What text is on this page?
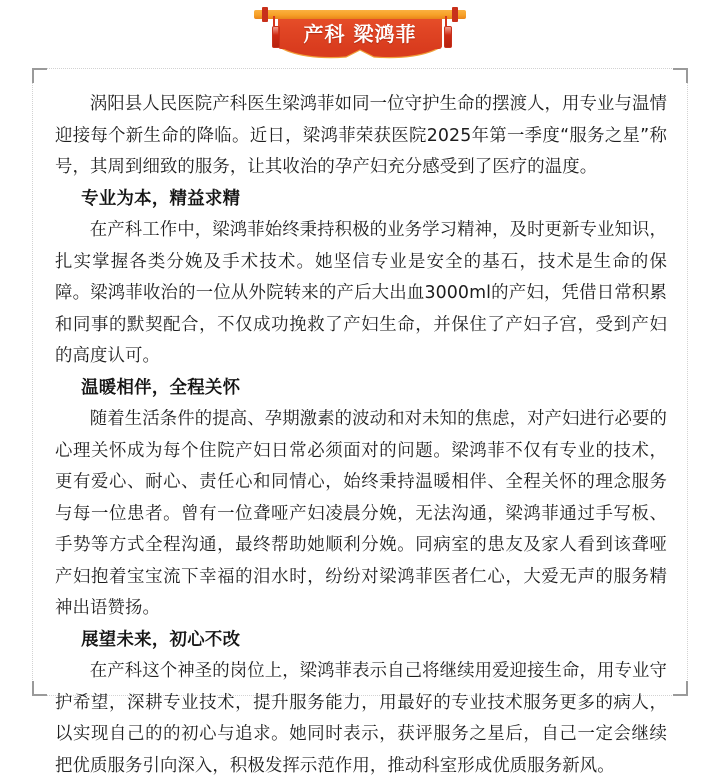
产科 梁鸿菲

涡阳县人民医院产科医生梁鸿菲如同一位守护生命的摆渡人，用专业与温情迎接每个新生命的降临。近日，梁鸿菲荣获医院2025年第一季度“服务之星”称号，其周到细致的服务，让其收治的孕产妇充分感受到了医疗的温度。

专业为本，精益求精

在产科工作中，梁鸿菲始终秉持积极的业务学习精神，及时更新专业知识，扎实掌握各类分娩及手术技术。她坚信专业是安全的基石，技术是生命的保障。梁鸿菲收治的一位从外院转来的产后大出血3000ml的产妇，凭借日常积累和同事的默契配合，不仅成功挽救了产妇生命，并保住了产妇子宫，受到产妇的高度认可。

温暖相伴，全程关怀

随着生活条件的提高、孕期激素的波动和对未知的焦虑，对产妇进行必要的心理关怀成为每个住院产妇日常必须面对的问题。梁鸿菲不仅有专业的技术，更有爱心、耐心、责任心和同情心，始终秉持温暖相伴、全程关怀的理念服务与每一位患者。曾有一位聋哑产妇凌晨分娩，无法沟通，梁鸿菲通过手写板、手势等方式全程沟通，最终帮助她顺利分娩。同病室的患友及家人看到该聋哑产妇抱着宝宝流下幸福的泪水时，纷纷对梁鸿菲医者仁心，大爱无声的服务精神出语赞扬。

展望未来，初心不改

在产科这个神圣的岗位上，梁鸿菲表示自己将继续用爱迎接生命，用专业守护希望，深耕专业技术，提升服务能力，用最好的专业技术服务更多的病人，以实现自己的的初心与追求。她同时表示，获评服务之星后，自己一定会继续把优质服务引向深入，积极发挥示范作用，推动科室形成优质服务新风。
